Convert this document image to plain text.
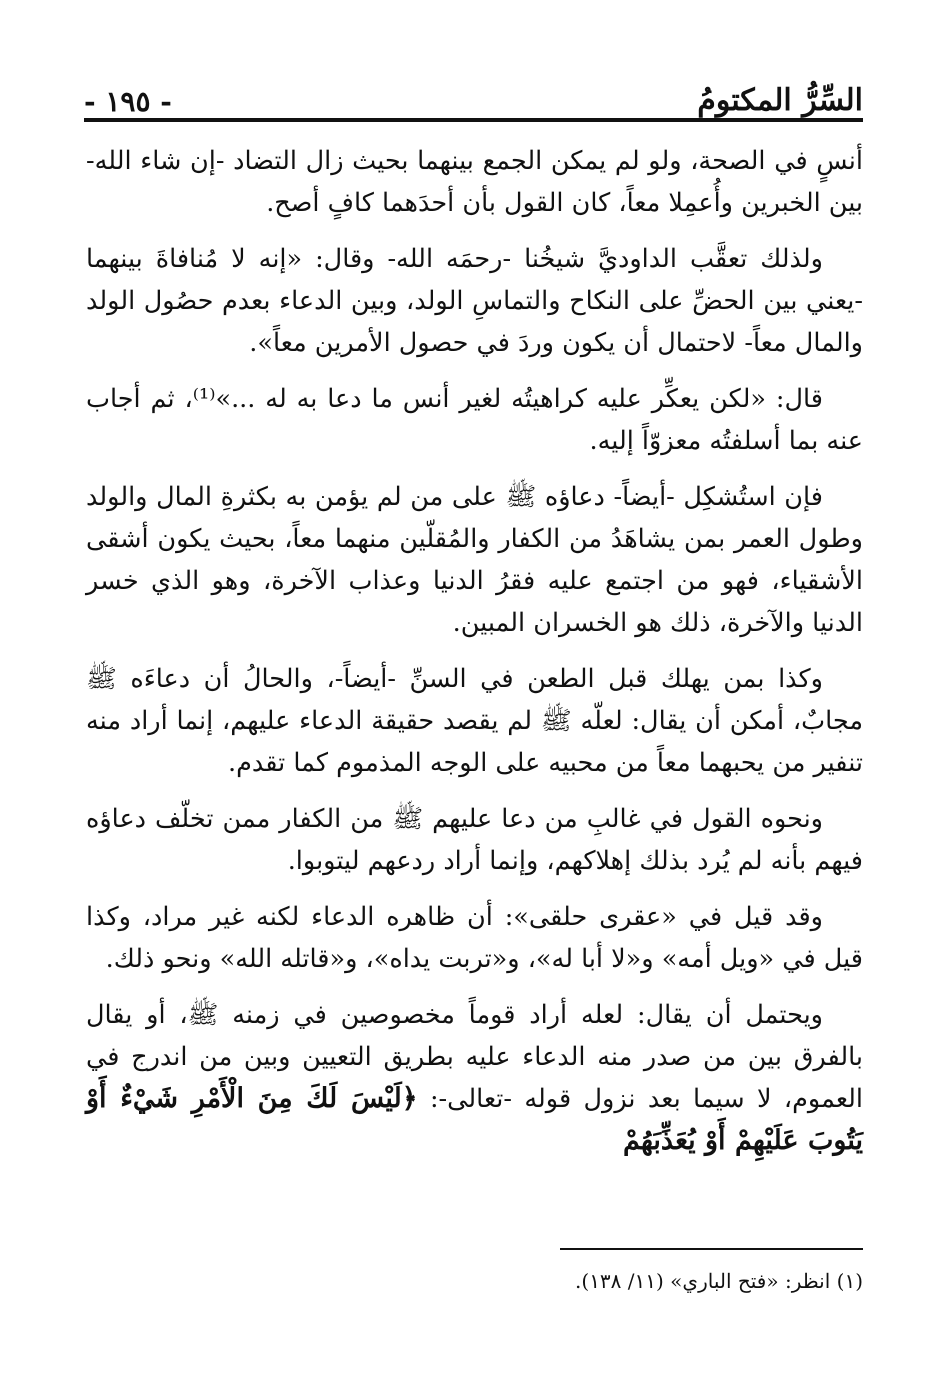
السِّرُّ المكتومُ
- ١٩٥ -

أنسٍ في الصحة، ولو لم يمكن الجمع بينهما بحيث زال التضاد -إن شاء الله- بين الخبرين وأُعمِلا معاً، كان القول بأن أحدَهما كافٍ أصح.

ولذلك تعقَّب الداوديَّ شيخُنا -رحمَه الله- وقال: «إنه لا مُنافاةَ بينهما -يعني بين الحضِّ على النكاح والتماسِ الولد، وبين الدعاء بعدم حصُول الولد والمال معاً- لاحتمال أن يكون وردَ في حصول الأمرين معاً».

قال: «لكن يعكِّر عليه كراهيتُه لغير أنس ما دعا به له ...»⁽¹⁾، ثم أجاب عنه بما أسلفتُه معزوّاً إليه.

فإن استُشكِل -أيضاً- دعاؤه ﷺ على من لم يؤمن به بكثرةِ المال والولد وطول العمر بمن يشاهَدُ من الكفار والمُقلّين منهما معاً، بحيث يكون أشقى الأشقياء، فهو من اجتمع عليه فقرُ الدنيا وعذاب الآخرة، وهو الذي خسر الدنيا والآخرة، ذلك هو الخسران المبين.

وكذا بمن يهلك قبل الطعن في السنِّ -أيضاً-، والحالُ أن دعاءَه ﷺ مجابٌ، أمكن أن يقال: لعلّه ﷺ لم يقصد حقيقة الدعاء عليهم، إنما أراد منه تنفير من يحبهما معاً من محبيه على الوجه المذموم كما تقدم.

ونحوه القول في غالبِ من دعا عليهم ﷺ من الكفار ممن تخلّف دعاؤه فيهم بأنه لم يُرد بذلك إهلاكهم، وإنما أراد ردعهم ليتوبوا.

وقد قيل في «عقرى حلقى»: أن ظاهره الدعاء لكنه غير مراد، وكذا قيل في «ويل أمه» و«لا أبا له»، و«تربت يداه»، و«قاتله الله» ونحو ذلك.

ويحتمل أن يقال: لعله أراد قوماً مخصوصين في زمنه ﷺ، أو يقال بالفرق بين من صدر منه الدعاء عليه بطريق التعيين وبين من اندرج في العموم، لا سيما بعد نزول قوله -تعالى-: ﴿لَيْسَ لَكَ مِنَ الْأَمْرِ شَيْءٌ أَوْ يَتُوبَ عَلَيْهِمْ أَوْ يُعَذِّبَهُمْ

(١) انظر: «فتح الباري» (١١/ ١٣٨).
